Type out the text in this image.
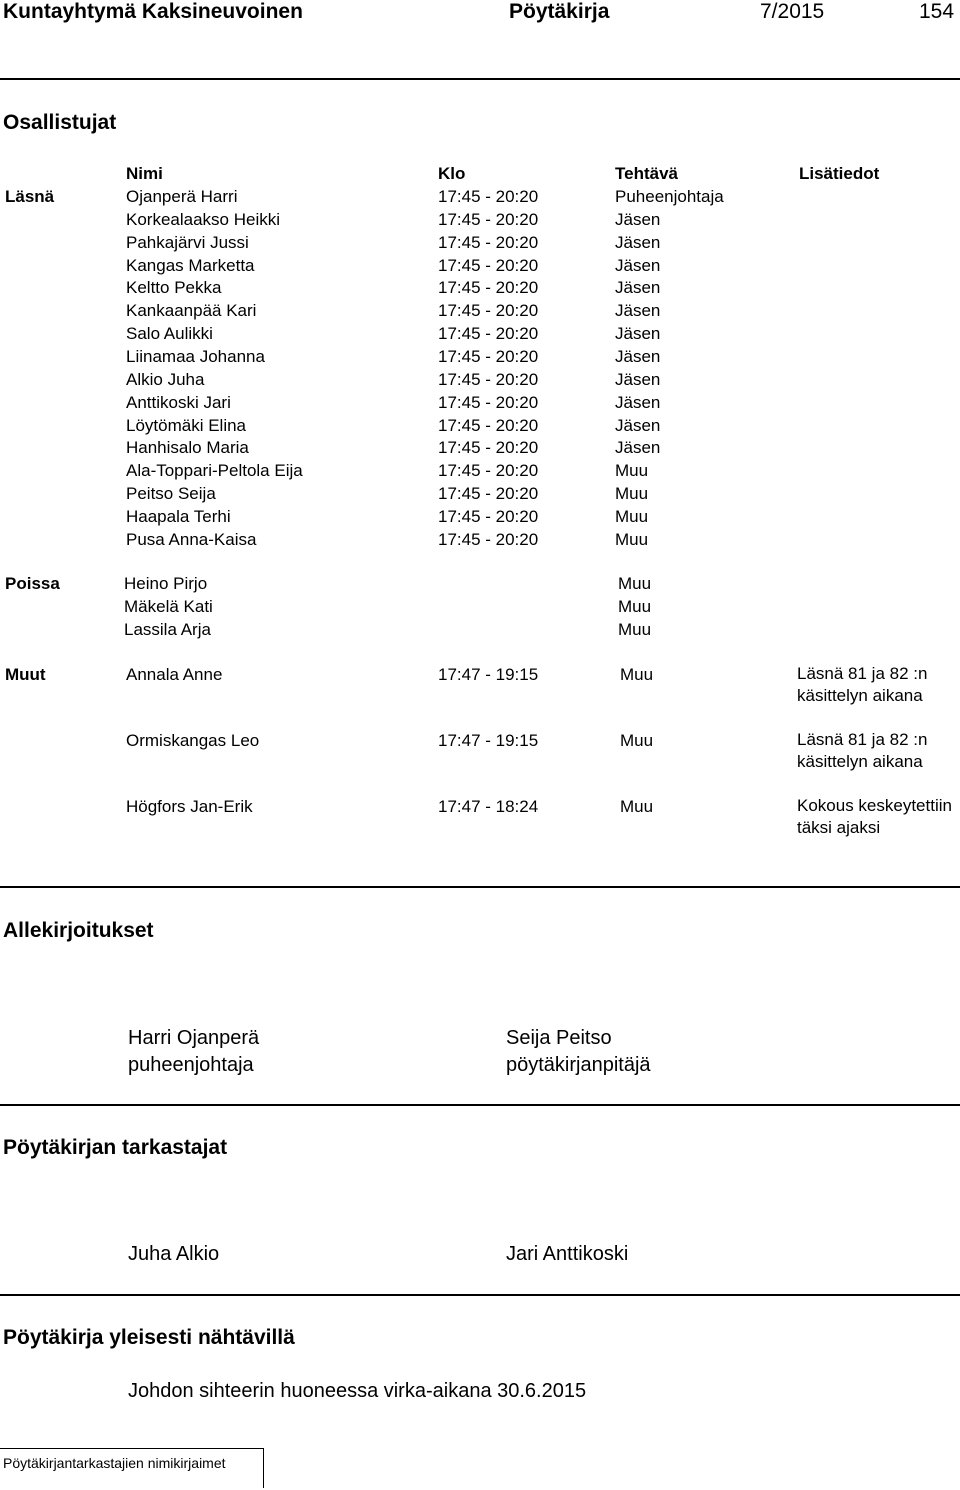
Kuntayhtymä Kaksineuvoinen	Pöytäkirja	7/2015	154
Osallistujat
Nimi	Klo	Tehtävä	Lisätiedot
Läsnä	Ojanperä Harri	17:45 - 20:20	Puheenjohtaja
Korkealaakso Heikki	17:45 - 20:20	Jäsen
Pahkajärvi Jussi	17:45 - 20:20	Jäsen
Kangas Marketta	17:45 - 20:20	Jäsen
Keltto Pekka	17:45 - 20:20	Jäsen
Kankaanpää Kari	17:45 - 20:20	Jäsen
Salo Aulikki	17:45 - 20:20	Jäsen
Liinamaa Johanna	17:45 - 20:20	Jäsen
Alkio Juha	17:45 - 20:20	Jäsen
Anttikoski Jari	17:45 - 20:20	Jäsen
Löytömäki Elina	17:45 - 20:20	Jäsen
Hanhisalo Maria	17:45 - 20:20	Jäsen
Ala-Toppari-Peltola Eija	17:45 - 20:20	Muu
Peitso Seija	17:45 - 20:20	Muu
Haapala Terhi	17:45 - 20:20	Muu
Pusa Anna-Kaisa	17:45 - 20:20	Muu
Poissa	Heino Pirjo	Muu
Mäkelä Kati	Muu
Lassila Arja	Muu
Muut	Annala Anne	17:47 - 19:15	Muu	Läsnä 81 ja 82 :n käsittelyn aikana
Ormiskangas Leo	17:47 - 19:15	Muu	Läsnä 81 ja 82 :n käsittelyn aikana
Högfors Jan-Erik	17:47 - 18:24	Muu	Kokous keskeytettiin täksi ajaksi
Allekirjoitukset
Harri Ojanperä
puheenjohtaja
Seija Peitso
pöytäkirjanpitäjä
Pöytäkirjan tarkastajat
Juha Alkio	Jari Anttikoski
Pöytäkirja yleisesti nähtävillä
Johdon sihteerin huoneessa virka-aikana 30.6.2015
Pöytäkirjantarkastajien nimikirjaimet
